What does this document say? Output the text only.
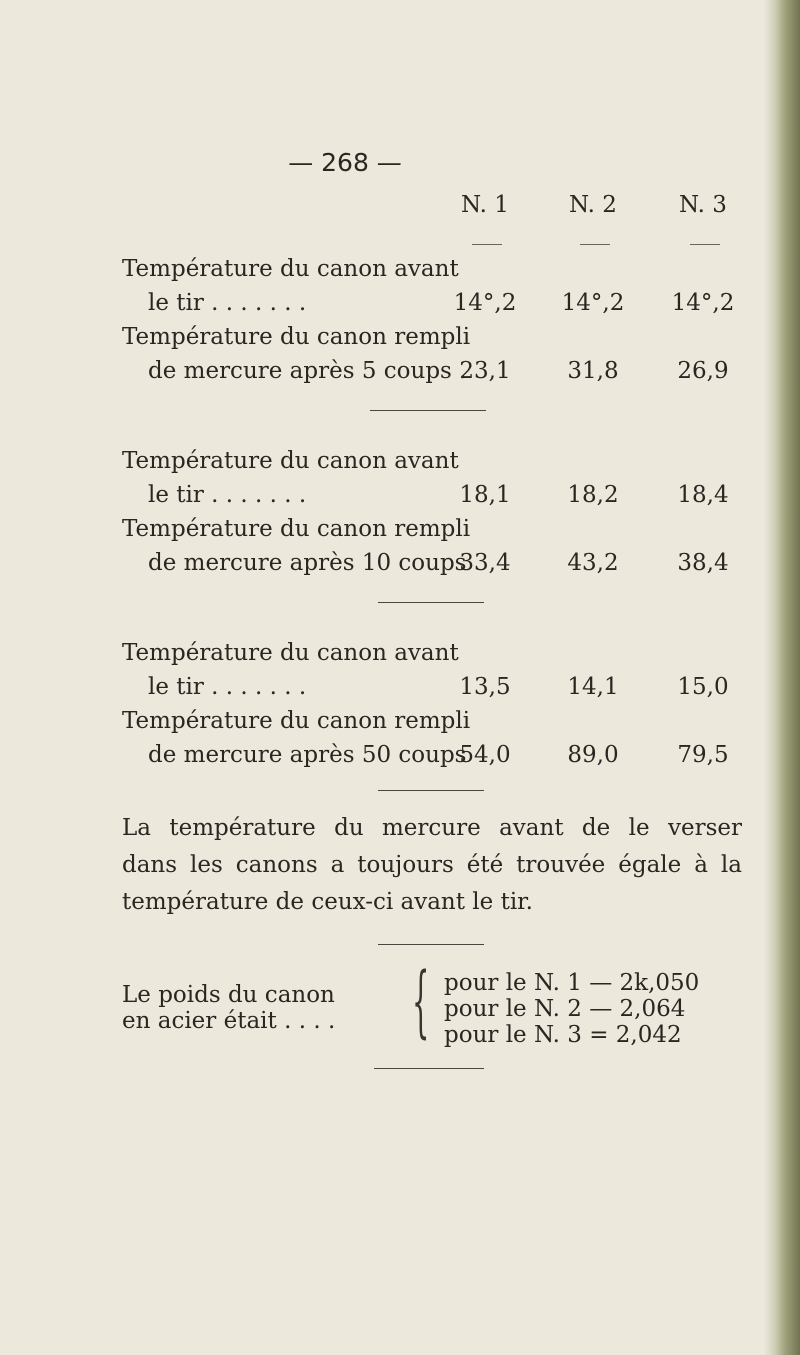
— 268 —
N. 1	N. 2	N. 3
Température du canon avant
le tir . . . . . . .	14°,2	14°,2	14°,2
Température du canon rempli
de mercure après 5 coups .
23,1	31,8	26,9
Température du canon avant
le tir . . . . . . .	18,1	18,2	18,4
Température du canon rempli
de mercure après 10 coups
33,4	43,2	38,4
Température du canon avant
le tir . . . . . . .	13,5	14,1	15,0
Température du canon rempli
de mercure après 50 coups
54,0	89,0	79,5
La température du mercure avant de le verser
dans les canons a toujours été trouvée égale à la
température de ceux-ci avant le tir.
Le poids du canon
en acier était . . . . { pour le N. 1 — 2k,050
pour le N. 2 — 2,064
pour le N. 3 = 2,042
